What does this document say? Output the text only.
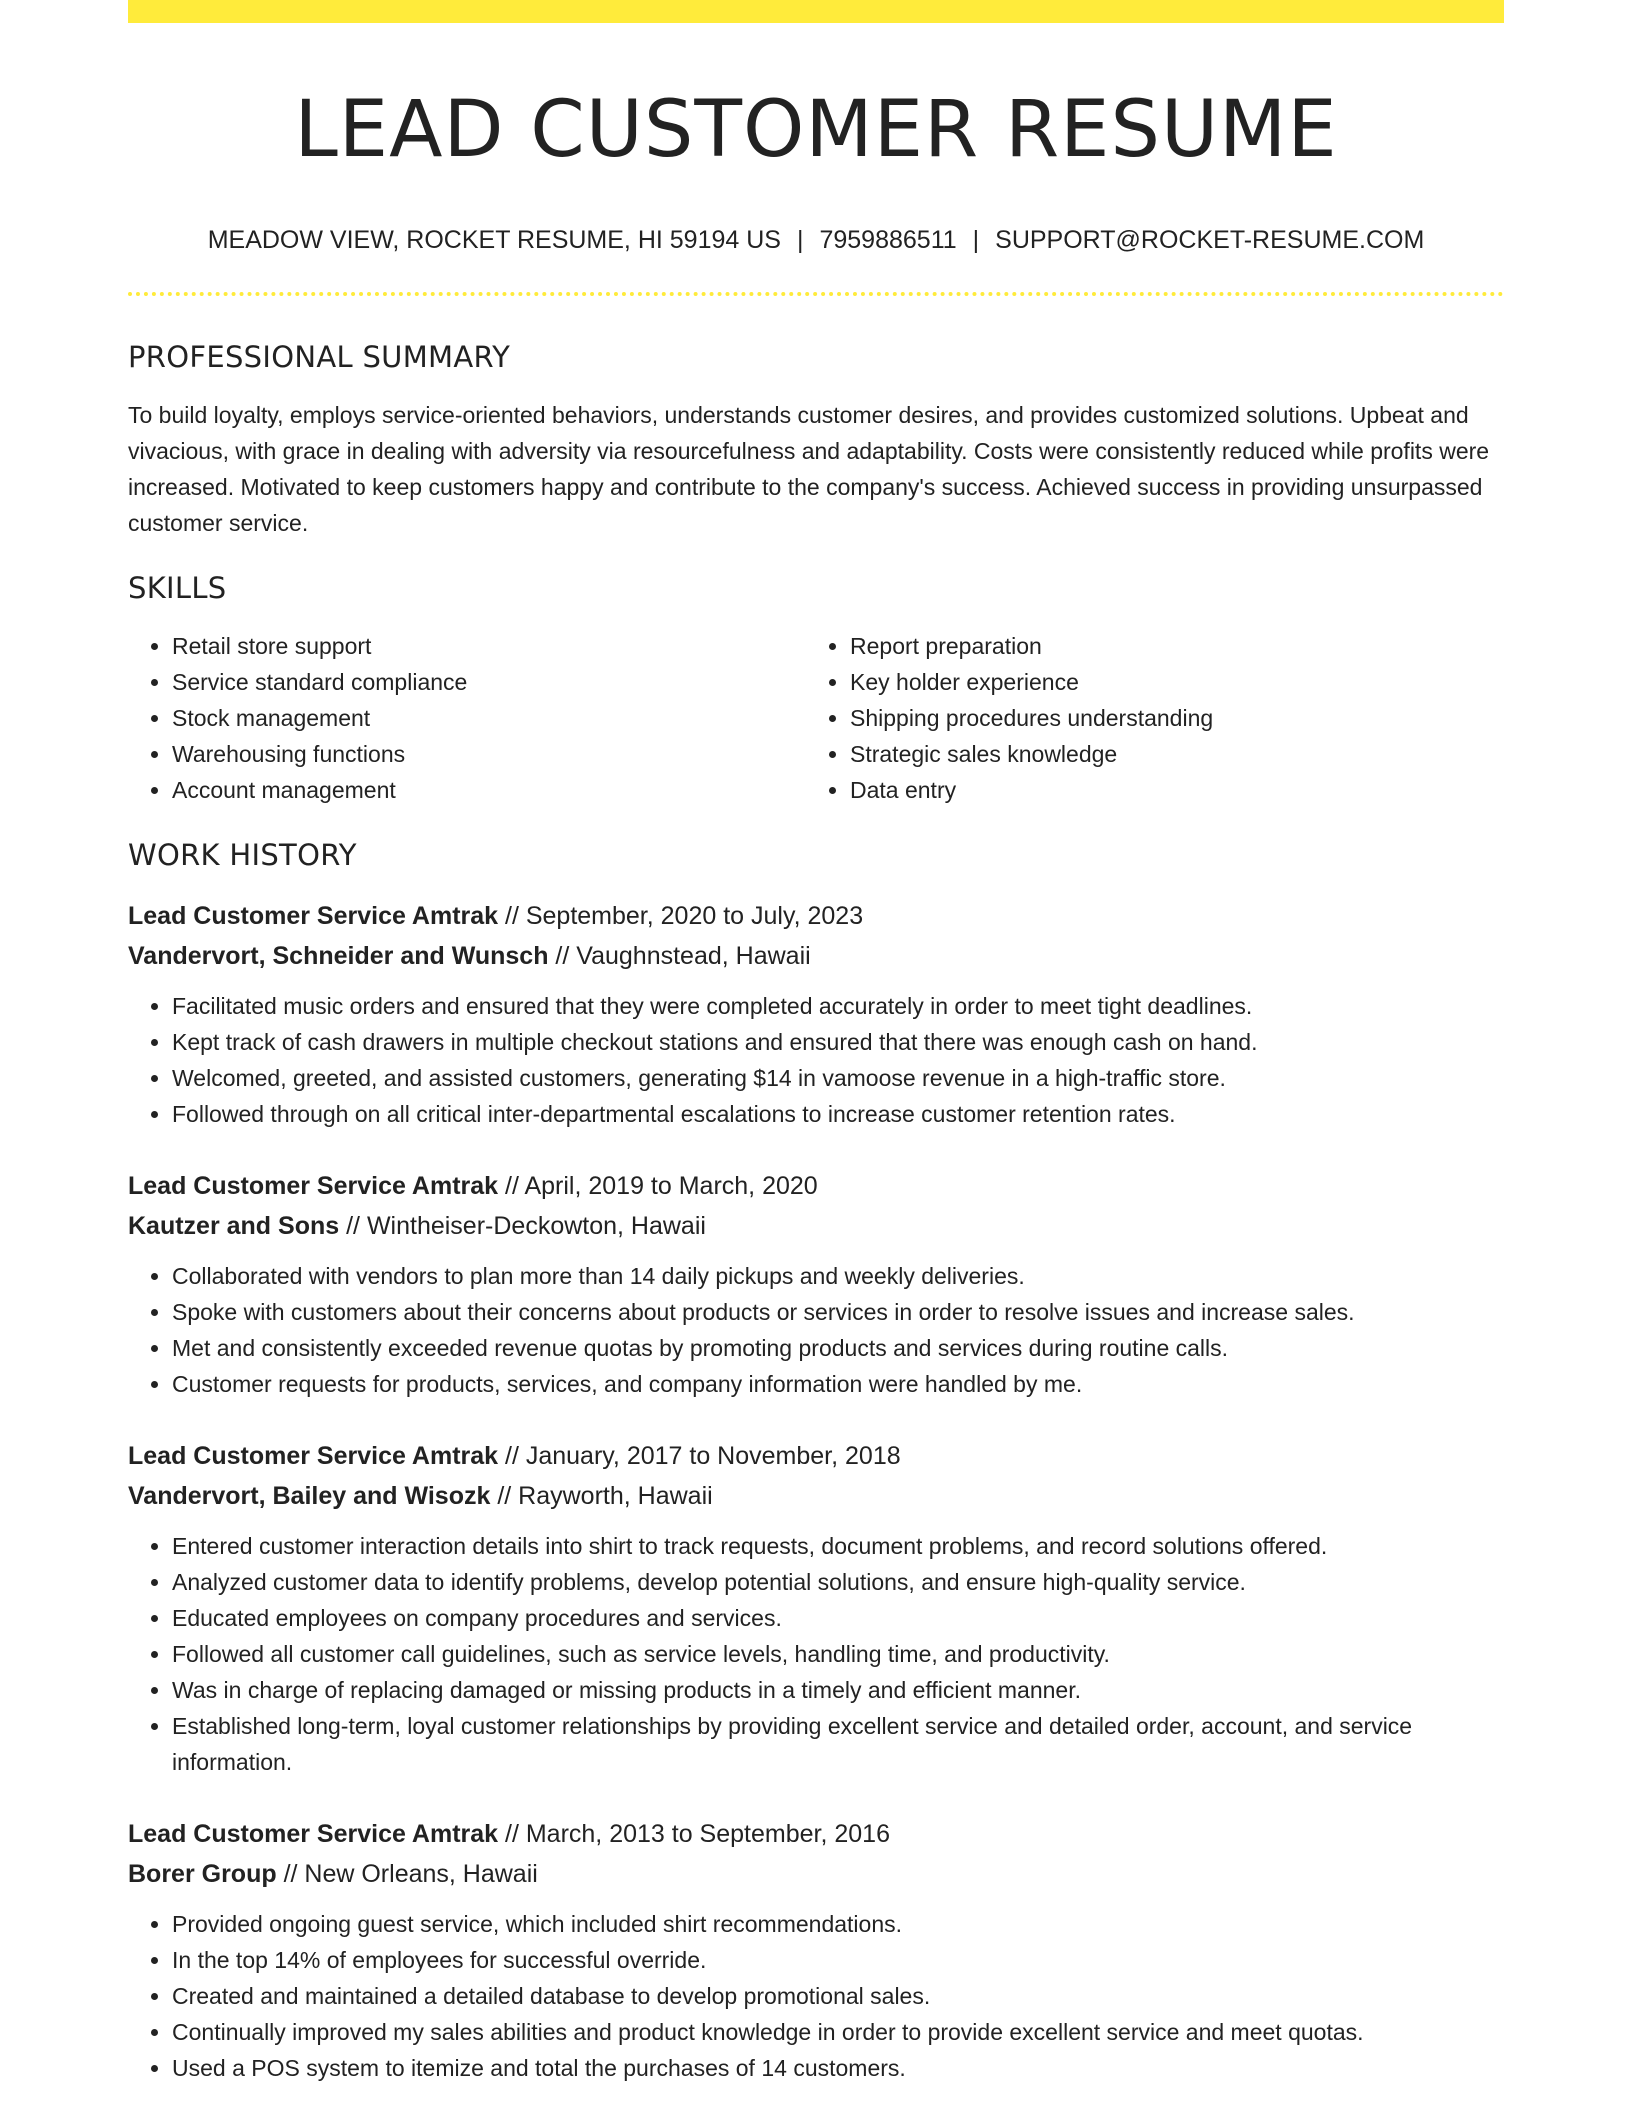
LEAD CUSTOMER RESUME
MEADOW VIEW, ROCKET RESUME, HI 59194 US | 7959886511 | SUPPORT@ROCKET-RESUME.COM
PROFESSIONAL SUMMARY

To build loyalty, employs service-oriented behaviors, understands customer desires, and provides customized solutions. Upbeat and vivacious, with grace in dealing with adversity via resourcefulness and adaptability. Costs were consistently reduced while profits were increased. Motivated to keep customers happy and contribute to the company's success. Achieved success in providing unsurpassed customer service.

SKILLS
• Retail store support
• Service standard compliance
• Stock management
• Warehousing functions
• Account management
• Report preparation
• Key holder experience
• Shipping procedures understanding
• Strategic sales knowledge
• Data entry
WORK HISTORY
Lead Customer Service Amtrak // September, 2020 to July, 2023
Vandervort, Schneider and Wunsch // Vaughnstead, Hawaii
• Facilitated music orders and ensured that they were completed accurately in order to meet tight deadlines.
• Kept track of cash drawers in multiple checkout stations and ensured that there was enough cash on hand.
• Welcomed, greeted, and assisted customers, generating $14 in vamoose revenue in a high-traffic store.
• Followed through on all critical inter-departmental escalations to increase customer retention rates.
Lead Customer Service Amtrak // April, 2019 to March, 2020
Kautzer and Sons // Wintheiser-Deckowton, Hawaii
• Collaborated with vendors to plan more than 14 daily pickups and weekly deliveries.
• Spoke with customers about their concerns about products or services in order to resolve issues and increase sales.
• Met and consistently exceeded revenue quotas by promoting products and services during routine calls.
• Customer requests for products, services, and company information were handled by me.
Lead Customer Service Amtrak // January, 2017 to November, 2018
Vandervort, Bailey and Wisozk // Rayworth, Hawaii
• Entered customer interaction details into shirt to track requests, document problems, and record solutions offered.
• Analyzed customer data to identify problems, develop potential solutions, and ensure high-quality service.
• Educated employees on company procedures and services.
• Followed all customer call guidelines, such as service levels, handling time, and productivity.
• Was in charge of replacing damaged or missing products in a timely and efficient manner.
• Established long-term, loyal customer relationships by providing excellent service and detailed order, account, and service information.
Lead Customer Service Amtrak // March, 2013 to September, 2016
Borer Group // New Orleans, Hawaii
• Provided ongoing guest service, which included shirt recommendations.
• In the top 14% of employees for successful override.
• Created and maintained a detailed database to develop promotional sales.
• Continually improved my sales abilities and product knowledge in order to provide excellent service and meet quotas.
• Used a POS system to itemize and total the purchases of 14 customers.
